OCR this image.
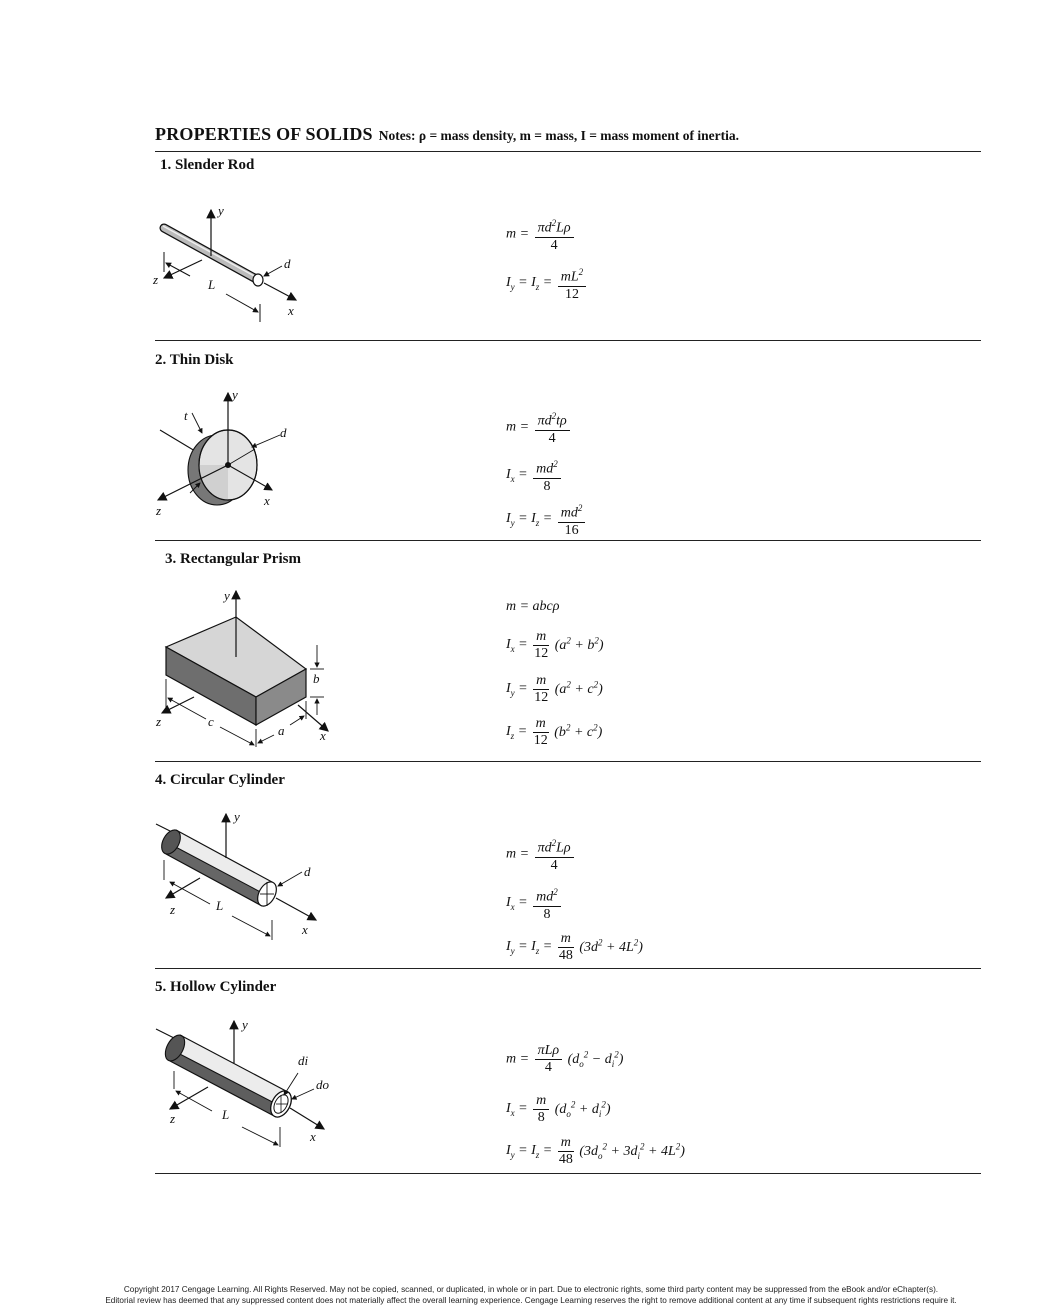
PROPERTIES OF SOLIDS Notes: ρ = mass density, m = mass, I = mass moment of inertia.
1. Slender Rod
y
d
z	L
x
$m = \frac{\pi d^2L\rho}{4}$
$I_y = I_z = \frac{mL^2}{12}$
2. Thin Disk
y
t
d
z
x
$m = \frac{\pi d^2t\rho}{4}$
$I_x = \frac{md^2}{8}$
$I_y = I_z = \frac{md^2}{16}$
3. Rectangular Prism
y
b
z	c
a	x
m = abcρ
$I_x = \frac{m}{12} (a^2 + b^2)$
$I_y = \frac{m}{12} (a^2 + c^2)$
$I_z = \frac{m}{12} (b^2 + c^2)$
4. Circular Cylinder
y
d
z	L
x
$m = \frac{\pi d^2L\rho}{4}$
$I_x = \frac{md^2}{8}$
$I_y = I_z = \frac{m}{48} (3d^2 + 4L^2)$
5. Hollow Cylinder
y
di
do
z	L
x
$m = \frac{\text{πLρ}}{4} (d_o^2 - d_i^2)$
$I_x = \frac{m}{8} (d_o^2 + d_i^2)$
$I_y = I_z = \frac{m}{48} (3d_o^2 + 3d_i^2 + 4L^2)$
Copyright 2017 Cengage Learning. All Rights Reserved. May not be copied, scanned, or duplicated, in whole or in part. Due to electronic rights, some third party content may be suppressed from the eBook and/or eChapter(s).
Editorial review has deemed that any suppressed content does not materially affect the overall learning experience. Cengage Learning reserves the right to remove additional content at any time if subsequent rights restrictions require it.
